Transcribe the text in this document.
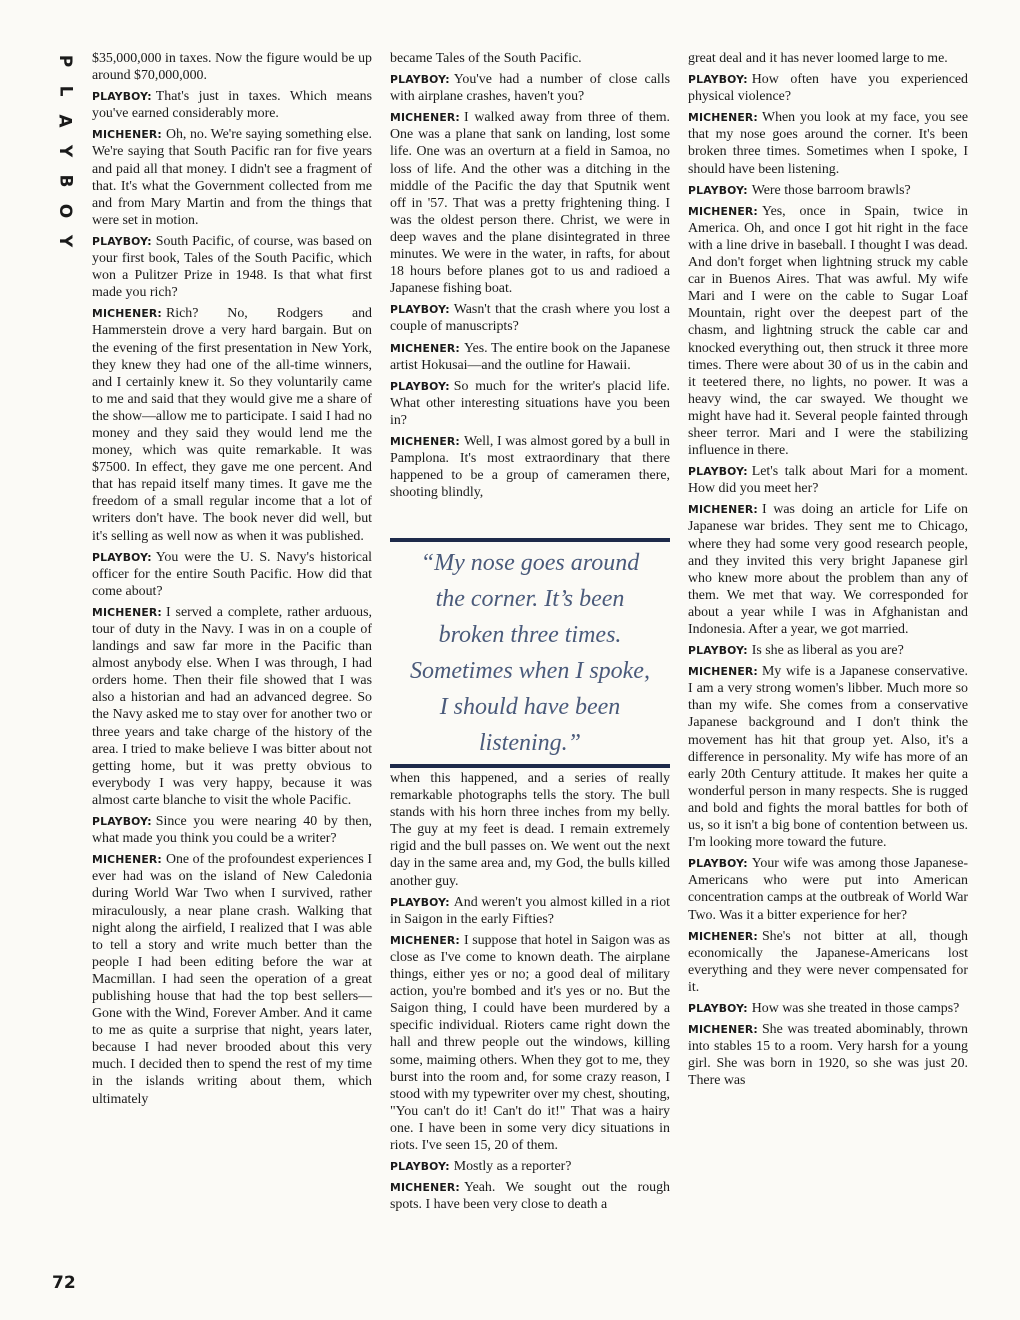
P
L
A
Y
B
O
Y

$35,000,000 in taxes. Now the figure would be up around $70,000,000.

PLAYBOY: That's just in taxes. Which means you've earned considerably more.

MICHENER: Oh, no. We're saying something else. We're saying that South Pacific ran for five years and paid all that money. I didn't see a fragment of that. It's what the Government collected from me and from Mary Martin and from the things that were set in motion.

PLAYBOY: South Pacific, of course, was based on your first book, Tales of the South Pacific, which won a Pulitzer Prize in 1948. Is that what first made you rich?

MICHENER: Rich? No, Rodgers and Hammerstein drove a very hard bargain. But on the evening of the first presentation in New York, they knew they had one of the all-time winners, and I certainly knew it. So they voluntarily came to me and said that they would give me a share of the show—allow me to participate. I said I had no money and they said they would lend me the money, which was quite remarkable. It was $7500. In effect, they gave me one percent. And that has repaid itself many times. It gave me the freedom of a small regular income that a lot of writers don't have. The book never did well, but it's selling as well now as when it was published.

PLAYBOY: You were the U. S. Navy's historical officer for the entire South Pacific. How did that come about?

MICHENER: I served a complete, rather arduous, tour of duty in the Navy. I was in on a couple of landings and saw far more in the Pacific than almost anybody else. When I was through, I had orders home. Then their file showed that I was also a historian and had an advanced degree. So the Navy asked me to stay over for another two or three years and take charge of the history of the area. I tried to make believe I was bitter about not getting home, but it was pretty obvious to everybody I was very happy, because it was almost carte blanche to visit the whole Pacific.

PLAYBOY: Since you were nearing 40 by then, what made you think you could be a writer?

MICHENER: One of the profoundest experiences I ever had was on the island of New Caledonia during World War Two when I survived, rather miraculously, a near plane crash. Walking that night along the airfield, I realized that I was able to tell a story and write much better than the people I had been editing before the war at Macmillan. I had seen the operation of a great publishing house that had the top best sellers—Gone with the Wind, Forever Amber. And it came to me as quite a surprise that night, years later, because I had never brooded about this very much. I decided then to spend the rest of my time in the islands writing about them, which ultimately

became Tales of the South Pacific.

PLAYBOY: You've had a number of close calls with airplane crashes, haven't you?

MICHENER: I walked away from three of them. One was a plane that sank on landing, lost some life. One was an overturn at a field in Samoa, no loss of life. And the other was a ditching in the middle of the Pacific the day that Sputnik went off in '57. That was a pretty frightening thing. I was the oldest person there. Christ, we were in deep waves and the plane disintegrated in three minutes. We were in the water, in rafts, for about 18 hours before planes got to us and radioed a Japanese fishing boat.

PLAYBOY: Wasn't that the crash where you lost a couple of manuscripts?

MICHENER: Yes. The entire book on the Japanese artist Hokusai—and the outline for Hawaii.

PLAYBOY: So much for the writer's placid life. What other interesting situations have you been in?

MICHENER: Well, I was almost gored by a bull in Pamplona. It's most extraordinary that there happened to be a group of cameramen there, shooting blindly,

“My nose goes around the corner. It’s been broken three times. Sometimes when I spoke, I should have been listening.”

when this happened, and a series of really remarkable photographs tells the story. The bull stands with his horn three inches from my belly. The guy at my feet is dead. I remain extremely rigid and the bull passes on. We went out the next day in the same area and, my God, the bulls killed another guy.

PLAYBOY: And weren't you almost killed in a riot in Saigon in the early Fifties?

MICHENER: I suppose that hotel in Saigon was as close as I've come to known death. The airplane things, either yes or no; a good deal of military action, you're bombed and it's yes or no. But the Saigon thing, I could have been murdered by a specific individual. Rioters came right down the hall and threw people out the windows, killing some, maiming others. When they got to me, they burst into the room and, for some crazy reason, I stood with my typewriter over my chest, shouting, "You can't do it! Can't do it!" That was a hairy one. I have been in some very dicy situations in riots. I've seen 15, 20 of them.

PLAYBOY: Mostly as a reporter?

MICHENER: Yeah. We sought out the rough spots. I have been very close to death a

great deal and it has never loomed large to me.

PLAYBOY: How often have you experienced physical violence?

MICHENER: When you look at my face, you see that my nose goes around the corner. It's been broken three times. Sometimes when I spoke, I should have been listening.

PLAYBOY: Were those barroom brawls?

MICHENER: Yes, once in Spain, twice in America. Oh, and once I got hit right in the face with a line drive in baseball. I thought I was dead. And don't forget when lightning struck my cable car in Buenos Aires. That was awful. My wife Mari and I were on the cable to Sugar Loaf Mountain, right over the deepest part of the chasm, and lightning struck the cable car and knocked everything out, then struck it three more times. There were about 30 of us in the cabin and it teetered there, no lights, no power. It was a heavy wind, the car swayed. We thought we might have had it. Several people fainted through sheer terror. Mari and I were the stabilizing influence in there.

PLAYBOY: Let's talk about Mari for a moment. How did you meet her?

MICHENER: I was doing an article for Life on Japanese war brides. They sent me to Chicago, where they had some very good research people, and they invited this very bright Japanese girl who knew more about the problem than any of them. We met that way. We corresponded for about a year while I was in Afghanistan and Indonesia. After a year, we got married.

PLAYBOY: Is she as liberal as you are?

MICHENER: My wife is a Japanese conservative. I am a very strong women's libber. Much more so than my wife. She comes from a conservative Japanese background and I don't think the movement has hit that group yet. Also, it's a difference in personality. My wife has more of an early 20th Century attitude. It makes her quite a wonderful person in many respects. She is rugged and bold and fights the moral battles for both of us, so it isn't a big bone of contention between us. I'm looking more toward the future.

PLAYBOY: Your wife was among those Japanese-Americans who were put into American concentration camps at the outbreak of World War Two. Was it a bitter experience for her?

MICHENER: She's not bitter at all, though economically the Japanese-Americans lost everything and they were never compensated for it.

PLAYBOY: How was she treated in those camps?

MICHENER: She was treated abominably, thrown into stables 15 to a room. Very harsh for a young girl. She was born in 1920, so she was just 20. There was

72
